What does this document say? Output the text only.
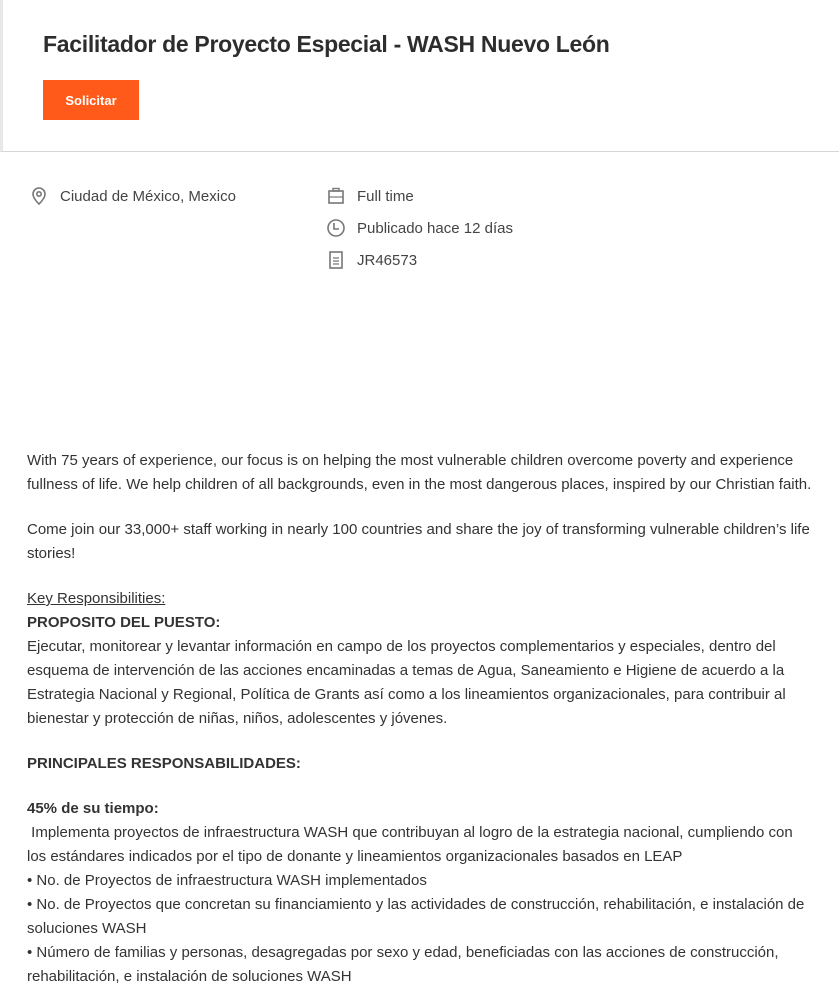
Facilitador de Proyecto Especial - WASH Nuevo León
Solicitar
Ciudad de México, Mexico	Full time
Publicado hace 12 días
JR46573

With 75 years of experience, our focus is on helping the most vulnerable children overcome poverty and experience fullness of life. We help children of all backgrounds, even in the most dangerous places, inspired by our Christian faith.

Come join our 33,000+ staff working in nearly 100 countries and share the joy of transforming vulnerable children’s life stories!

Key Responsibilities:
PROPOSITO DEL PUESTO:

Ejecutar, monitorear y levantar información en campo de los proyectos complementarios y especiales, dentro del esquema de intervención de las acciones encaminadas a temas de Agua, Saneamiento e Higiene de acuerdo a la Estrategia Nacional y Regional, Política de Grants así como a los lineamientos organizacionales, para contribuir al bienestar y protección de niñas, niños, adolescentes y jóvenes.

PRINCIPALES RESPONSABILIDADES:

45% de su tiempo:
Implementa proyectos de infraestructura WASH que contribuyan al logro de la estrategia nacional, cumpliendo con los estándares indicados por el tipo de donante y lineamientos organizacionales basados en LEAP
• No. de Proyectos de infraestructura WASH implementados
• No. de Proyectos que concretan su financiamiento y las actividades de construcción, rehabilitación, e instalación de soluciones WASH
• Número de familias y personas, desagregadas por sexo y edad, beneficiadas con las acciones de construcción, rehabilitación, e instalación de soluciones WASH
